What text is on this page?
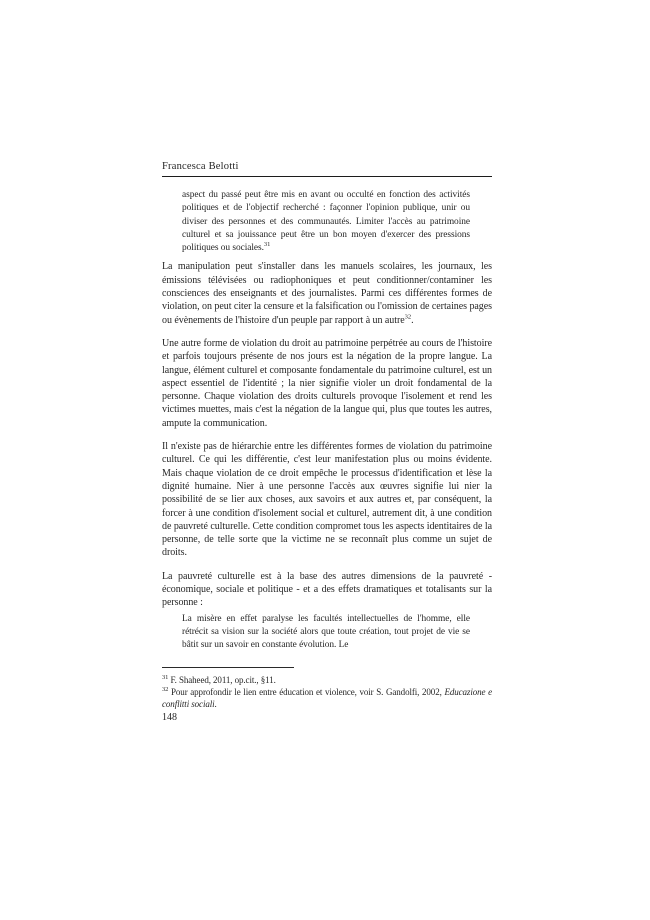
Francesca Belotti
aspect du passé peut être mis en avant ou occulté en fonction des activités politiques et de l'objectif recherché : façonner l'opinion publique, unir ou diviser des personnes et des communautés. Limiter l'accès au patrimoine culturel et sa jouissance peut être un bon moyen d'exercer des pressions politiques ou sociales.$^{31}$

La manipulation peut s'installer dans les manuels scolaires, les journaux, les émissions télévisées ou radiophoniques et peut conditionner/contaminer les consciences des enseignants et des journalistes. Parmi ces différentes formes de violation, on peut citer la censure et la falsification ou l'omission de certaines pages ou évènements de l'histoire d'un peuple par rapport à un autre$^{32}$.

Une autre forme de violation du droit au patrimoine perpétrée au cours de l'histoire et parfois toujours présente de nos jours est la négation de la propre langue. La langue, élément culturel et composante fondamentale du patrimoine culturel, est un aspect essentiel de l'identité ; la nier signifie violer un droit fondamental de la personne. Chaque violation des droits culturels provoque l'isolement et rend les victimes muettes, mais c'est la négation de la langue qui, plus que toutes les autres, ampute la communication.

Il n'existe pas de hiérarchie entre les différentes formes de violation du patrimoine culturel. Ce qui les différentie, c'est leur manifestation plus ou moins évidente. Mais chaque violation de ce droit empêche le processus d'identification et lèse la dignité humaine. Nier à une personne l'accès aux œuvres signifie lui nier la possibilité de se lier aux choses, aux savoirs et aux autres et, par conséquent, la forcer à une condition d'isolement social et culturel, autrement dit, à une condition de pauvreté culturelle. Cette condition compromet tous les aspects identitaires de la personne, de telle sorte que la victime ne se reconnaît plus comme un sujet de droits.

La pauvreté culturelle est à la base des autres dimensions de la pauvreté - économique, sociale et politique - et a des effets dramatiques et totalisants sur la personne :

La misère en effet paralyse les facultés intellectuelles de l'homme, elle rétrécit sa vision sur la société alors que toute création, tout projet de vie se bâtit sur un savoir en constante évolution. Le
$^{31}$ F. Shaheed, 2011, op.cit., §11.
$^{32}$ Pour approfondir le lien entre éducation et violence, voir S. Gandolfi, 2002, Educazione e conflitti sociali.
148
